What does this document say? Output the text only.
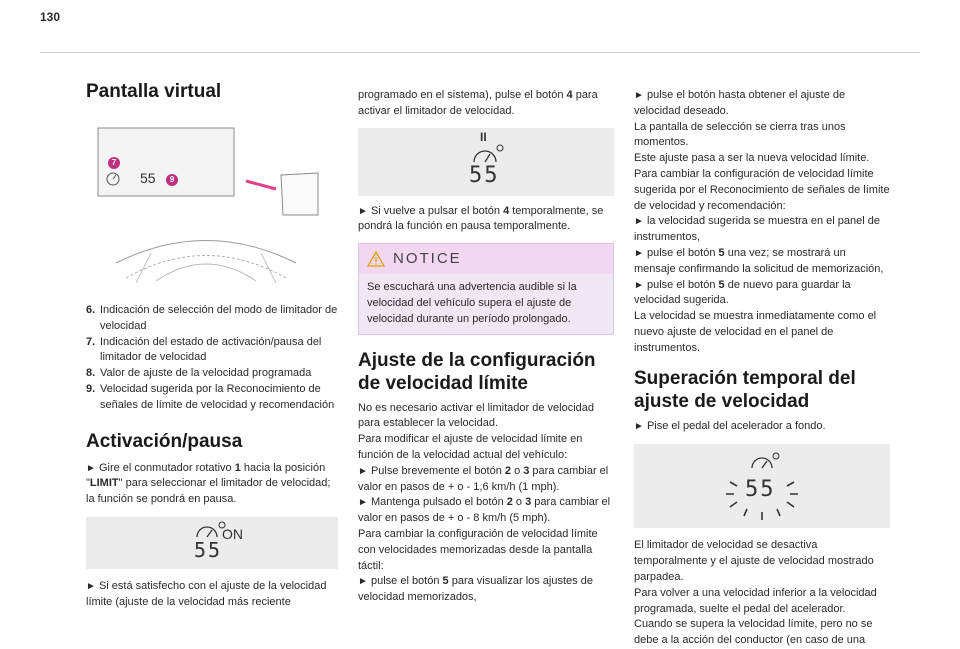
130
Pantalla virtual
7
55	9
6. Indicación de selección del modo de limitador de velocidad
7. Indicación del estado de activación/pausa del limitador de velocidad
8. Valor de ajuste de la velocidad programada
9. Velocidad sugerida por la Reconocimiento de señales de límite de velocidad y recomendación
Activación/pausa

► Gire el conmutador rotativo 1 hacia la posición "LIMIT" para seleccionar el limitador de velocidad; la función se pondrá en pausa.

ON
55

► Si está satisfecho con el ajuste de la velocidad límite (ajuste de la velocidad más reciente

programado en el sistema), pulse el botón 4 para activar el limitador de velocidad.

II
55

► Si vuelve a pulsar el botón 4 temporalmente, se pondrá la función en pausa temporalmente.

NOTICE
Se escuchará una advertencia audible si la velocidad del vehículo supera el ajuste de velocidad durante un período prolongado.
Ajuste de la configuración de velocidad límite

No es necesario activar el limitador de velocidad para establecer la velocidad.

Para modificar el ajuste de velocidad límite en función de la velocidad actual del vehículo:

► Pulse brevemente el botón 2 o 3 para cambiar el valor en pasos de + o - 1,6 km/h (1 mph).

► Mantenga pulsado el botón 2 o 3 para cambiar el valor en pasos de + o - 8 km/h (5 mph).

Para cambiar la configuración de velocidad límite con velocidades memorizadas desde la pantalla táctil:

► pulse el botón 5 para visualizar los ajustes de velocidad memorizados,

► pulse el botón hasta obtener el ajuste de velocidad deseado.

La pantalla de selección se cierra tras unos momentos.

Este ajuste pasa a ser la nueva velocidad límite.

Para cambiar la configuración de velocidad límite sugerida por el Reconocimiento de señales de límite de velocidad y recomendación:

► la velocidad sugerida se muestra en el panel de instrumentos,

► pulse el botón 5 una vez; se mostrará un mensaje confirmando la solicitud de memorización,

► pulse el botón 5 de nuevo para guardar la velocidad sugerida.

La velocidad se muestra inmediatamente como el nuevo ajuste de velocidad en el panel de instrumentos.

Superación temporal del ajuste de velocidad

► Pise el pedal del acelerador a fondo.

55

El limitador de velocidad se desactiva temporalmente y el ajuste de velocidad mostrado parpadea.

Para volver a una velocidad inferior a la velocidad programada, suelte el pedal del acelerador.

Cuando se supera la velocidad límite, pero no se debe a la acción del conductor (en caso de una
